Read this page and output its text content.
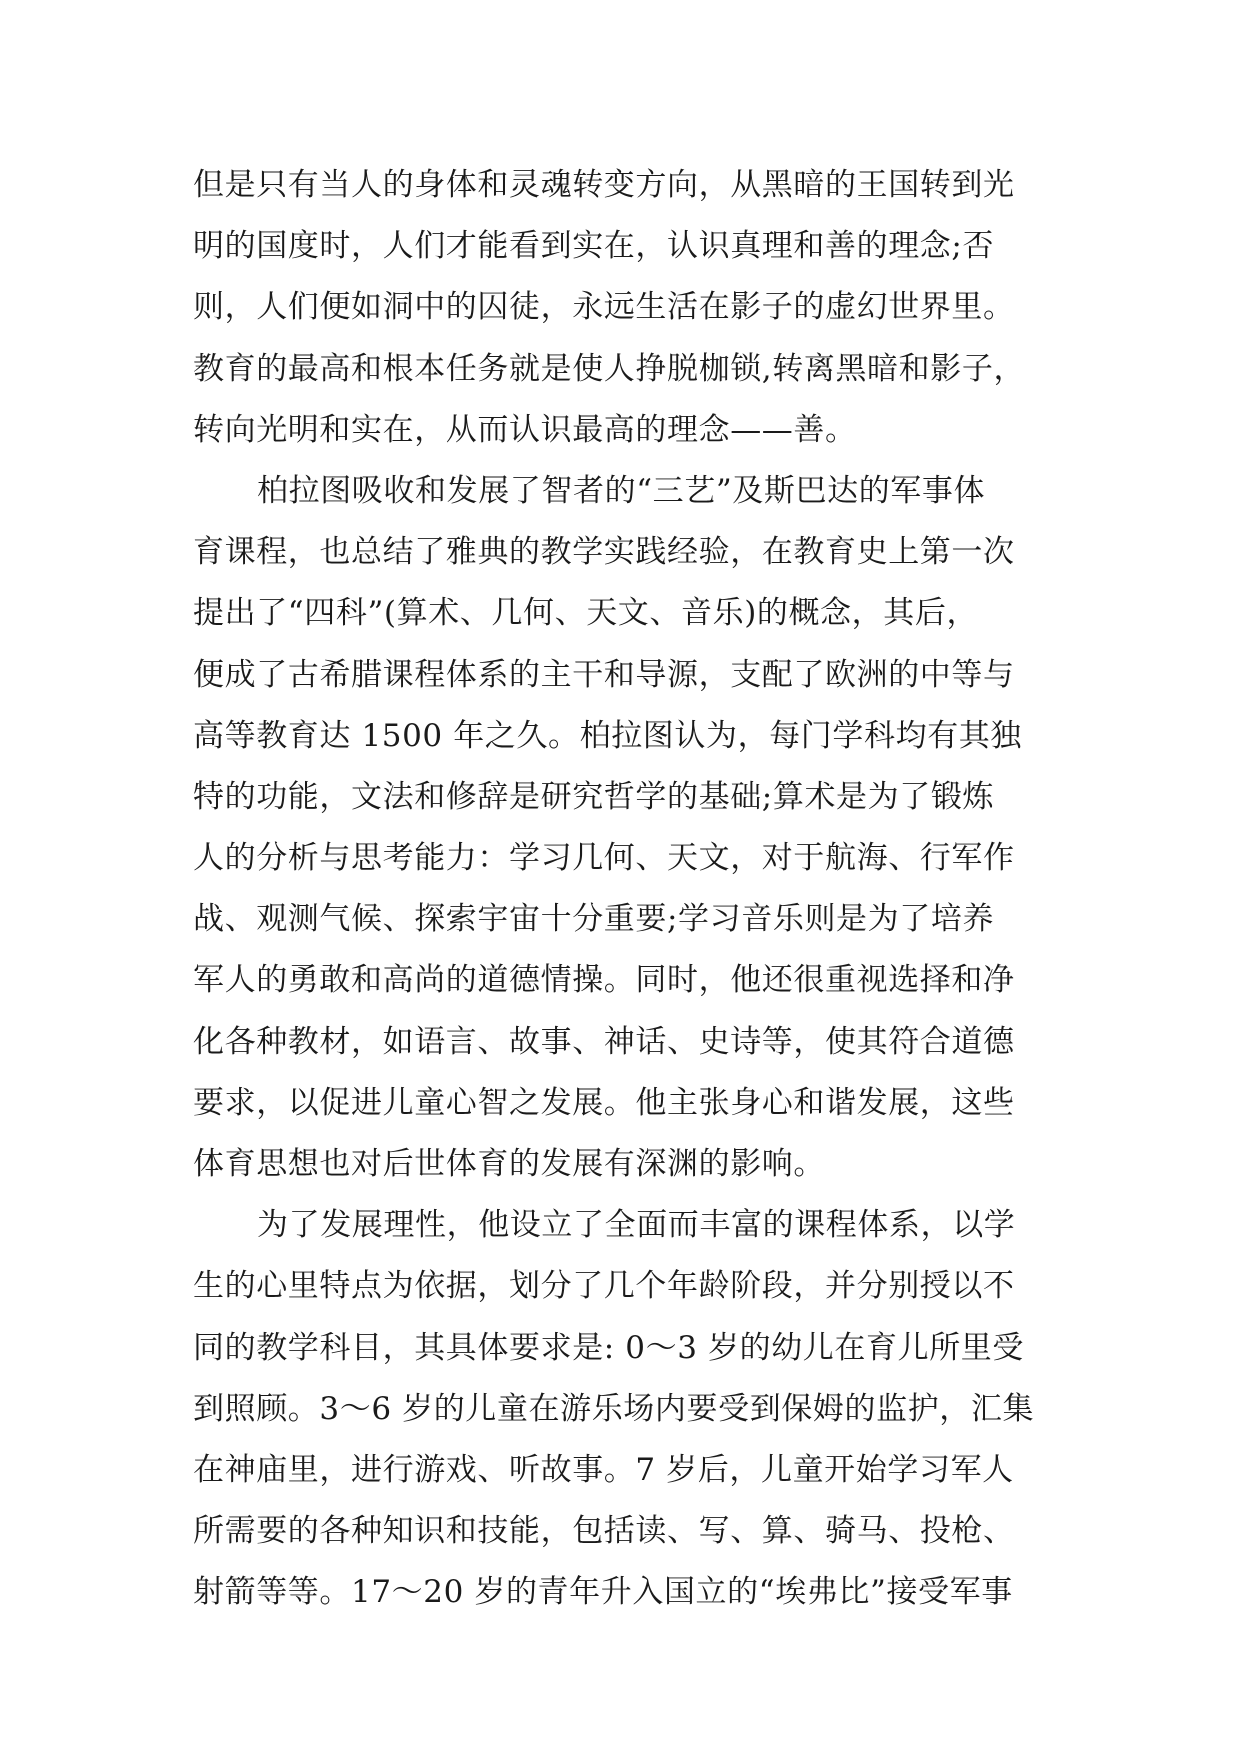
但是只有当人的身体和灵魂转变方向，从黑暗的王国转到光
明的国度时，人们才能看到实在，认识真理和善的理念;否
则，人们便如洞中的囚徒，永远生活在影子的虚幻世界里。
教育的最高和根本任务就是使人挣脱枷锁,转离黑暗和影子，
转向光明和实在，从而认识最高的理念——善。
柏拉图吸收和发展了智者的“三艺”及斯巴达的军事体
育课程，也总结了雅典的教学实践经验，在教育史上第一次
提出了“四科”(算术、几何、天文、音乐)的概念，其后，
便成了古希腊课程体系的主干和导源，支配了欧洲的中等与
高等教育达 1500 年之久。柏拉图认为，每门学科均有其独
特的功能，文法和修辞是研究哲学的基础;算术是为了锻炼
人的分析与思考能力：学习几何、天文，对于航海、行军作
战、观测气候、探索宇宙十分重要;学习音乐则是为了培养
军人的勇敢和高尚的道德情操。同时，他还很重视选择和净
化各种教材，如语言、故事、神话、史诗等，使其符合道德
要求，以促进儿童心智之发展。他主张身心和谐发展，这些
体育思想也对后世体育的发展有深渊的影响。
为了发展理性，他设立了全面而丰富的课程体系，以学
生的心里特点为依据，划分了几个年龄阶段，并分别授以不
同的教学科目，其具体要求是: 0～3 岁的幼儿在育儿所里受
到照顾。3～6 岁的儿童在游乐场内要受到保姆的监护，汇集
在神庙里，进行游戏、听故事。7 岁后，儿童开始学习军人
所需要的各种知识和技能，包括读、写、算、骑马、投枪、
射箭等等。17～20 岁的青年升入国立的“埃弗比”接受军事
